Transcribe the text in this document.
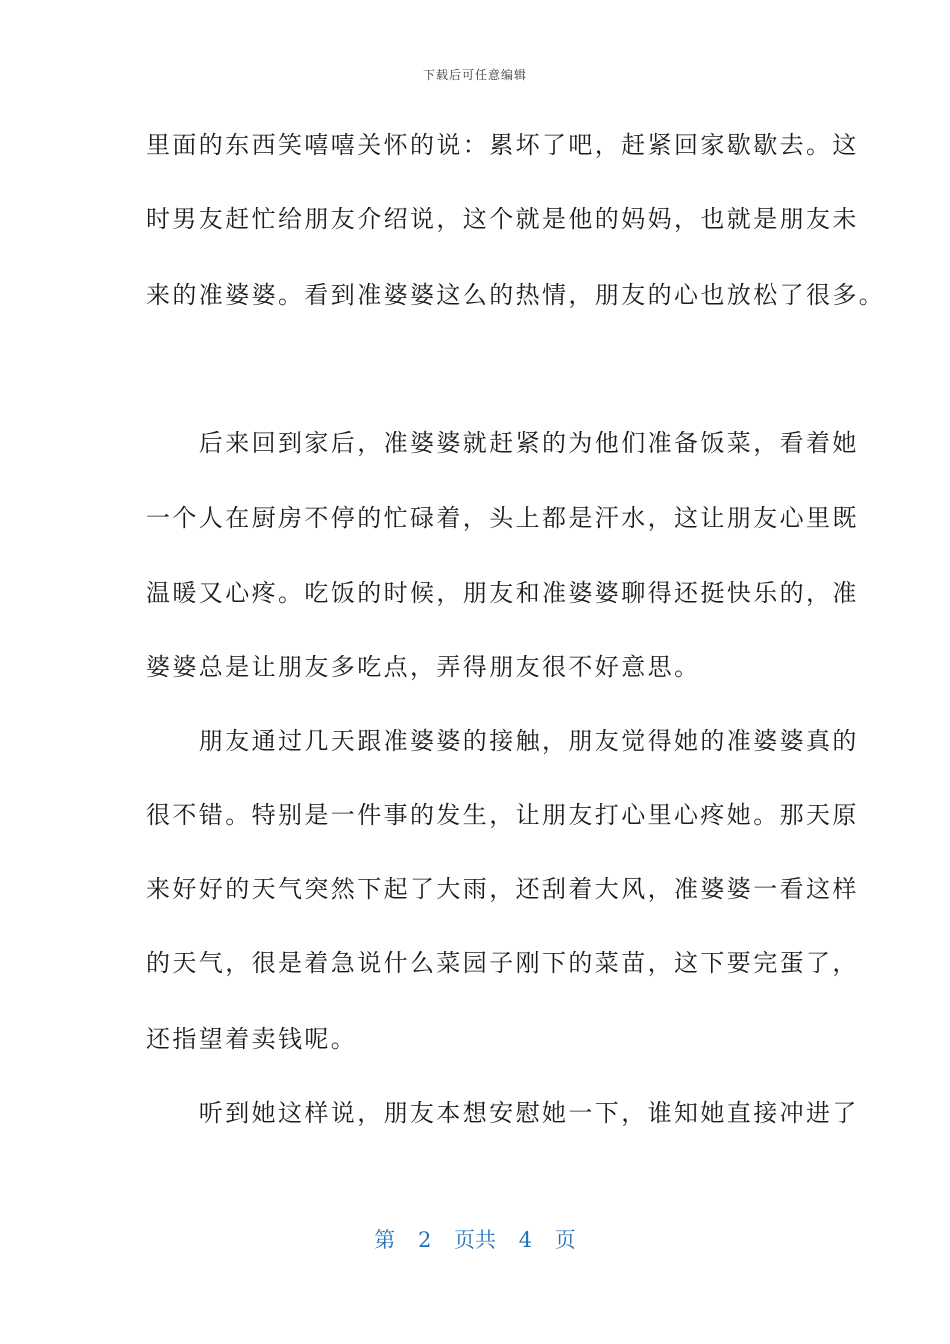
下载后可任意编辑
里面的东西笑嘻嘻关怀的说：累坏了吧，赶紧回家歇歇去。这
时男友赶忙给朋友介绍说，这个就是他的妈妈，也就是朋友未
来的准婆婆。看到准婆婆这么的热情，朋友的心也放松了很多。
　　后来回到家后，准婆婆就赶紧的为他们准备饭菜，看着她
一个人在厨房不停的忙碌着，头上都是汗水，这让朋友心里既
温暖又心疼。吃饭的时候，朋友和准婆婆聊得还挺快乐的，准
婆婆总是让朋友多吃点，弄得朋友很不好意思。
　　朋友通过几天跟准婆婆的接触，朋友觉得她的准婆婆真的
很不错。特别是一件事的发生，让朋友打心里心疼她。那天原
来好好的天气突然下起了大雨，还刮着大风，准婆婆一看这样
的天气，很是着急说什么菜园子刚下的菜苗，这下要完蛋了，
还指望着卖钱呢。
　　听到她这样说，朋友本想安慰她一下，谁知她直接冲进了
第 2 页共 4 页
